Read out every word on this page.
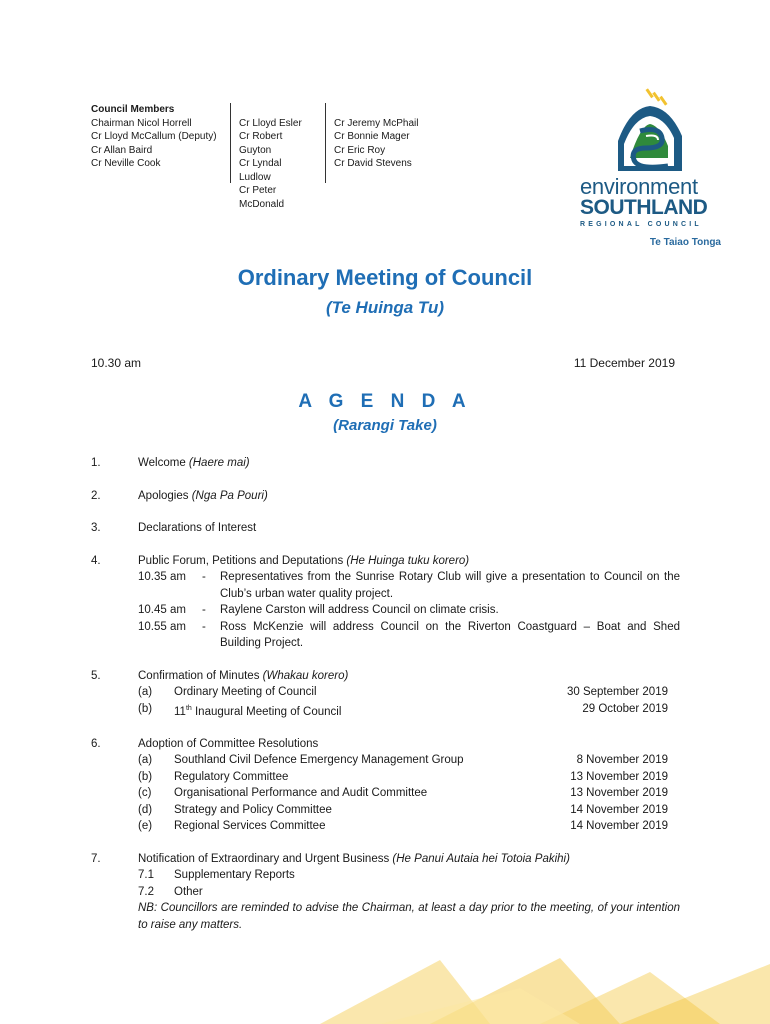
Council Members
Chairman Nicol Horrell
Cr Lloyd McCallum (Deputy)
Cr Allan Baird
Cr Neville Cook
Cr Lloyd Esler
Cr Robert Guyton
Cr Lyndal Ludlow
Cr Peter McDonald
Cr Jeremy McPhail
Cr Bonnie Mager
Cr Eric Roy
Cr David Stevens
environment
SOUTHLAND
REGIONAL COUNCIL
Te Taiao Tonga
Ordinary Meeting of Council
(Te Huinga Tu)
10.30 am	11 December 2019
A G E N D A
(Rarangi Take)
1.	Welcome (Haere mai)
2.	Apologies (Nga Pa Pouri)
3.	Declarations of Interest
4.	Public Forum, Petitions and Deputations (He Huinga tuku korero)
10.35 am	-	Representatives from the Sunrise Rotary Club will give a presentation to Council on the Club’s urban water quality project.
10.45 am	-	Raylene Carston will address Council on climate crisis.
10.55 am	-	Ross McKenzie will address Council on the Riverton Coastguard – Boat and Shed Building Project.
5.	Confirmation of Minutes (Whakau korero)
(a)	Ordinary Meeting of Council	30 September 2019
(b)	11th Inaugural Meeting of Council	29 October 2019
6.	Adoption of Committee Resolutions
(a)	Southland Civil Defence Emergency Management Group	8 November 2019
(b)	Regulatory Committee	13 November 2019
(c)	Organisational Performance and Audit Committee	13 November 2019
(d)	Strategy and Policy Committee	14 November 2019
(e)	Regional Services Committee	14 November 2019
7.	Notification of Extraordinary and Urgent Business (He Panui Autaia hei Totoia Pakihi)
7.1	Supplementary Reports
7.2	Other
NB: Councillors are reminded to advise the Chairman, at least a day prior to the meeting, of your intention to raise any matters.
